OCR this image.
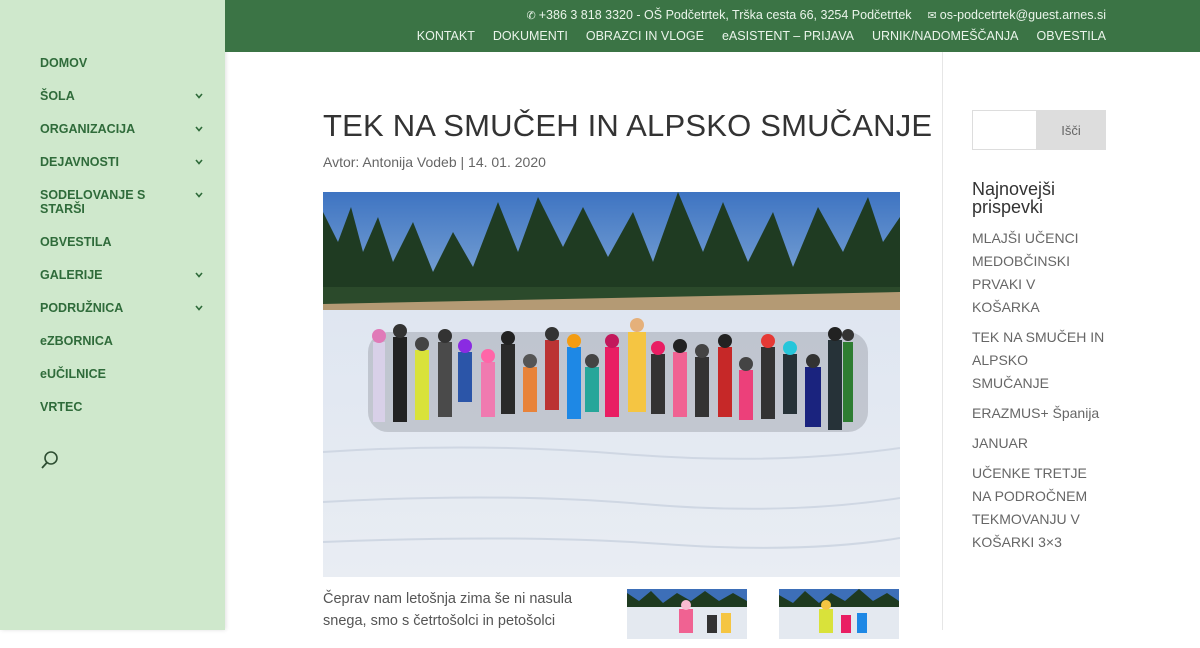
DOMOV
ŠOLA
ORGANIZACIJA
DEJAVNOSTI
SODELOVANJE S STARŠI
OBVESTILA
GALERIJE
PODRUŽNICA
eZBORNICA
eUČILNICE
VRTEC
✆ +386 3 818 3320 - OŠ Podčetrtek, Trška cesta 66, 3254 Podčetrtek ✉ os-podcetrtek@guest.arnes.si
KONTAKT DOKUMENTI OBRAZCI IN VLOGE eASISTENT – PRIJAVA URNIK/NADOMEŠČANJA OBVESTILA
TEK NA SMUČEH IN ALPSKO SMUČANJE
Avtor: Antonija Vodeb | 14. 01. 2020

Čeprav nam letošnja zima še ni nasula snega, smo s četrtošolci in petošolci

Išči
Najnovejši prispevki
MLAJŠI UČENCI MEDOBČINSKI PRVAKI V KOŠARKA
TEK NA SMUČEH IN ALPSKO SMUČANJE
ERAZMUS+ Španija
JANUAR
UČENKE TRETJE NA PODROČNEM TEKMOVANJU V KOŠARKI 3×3
